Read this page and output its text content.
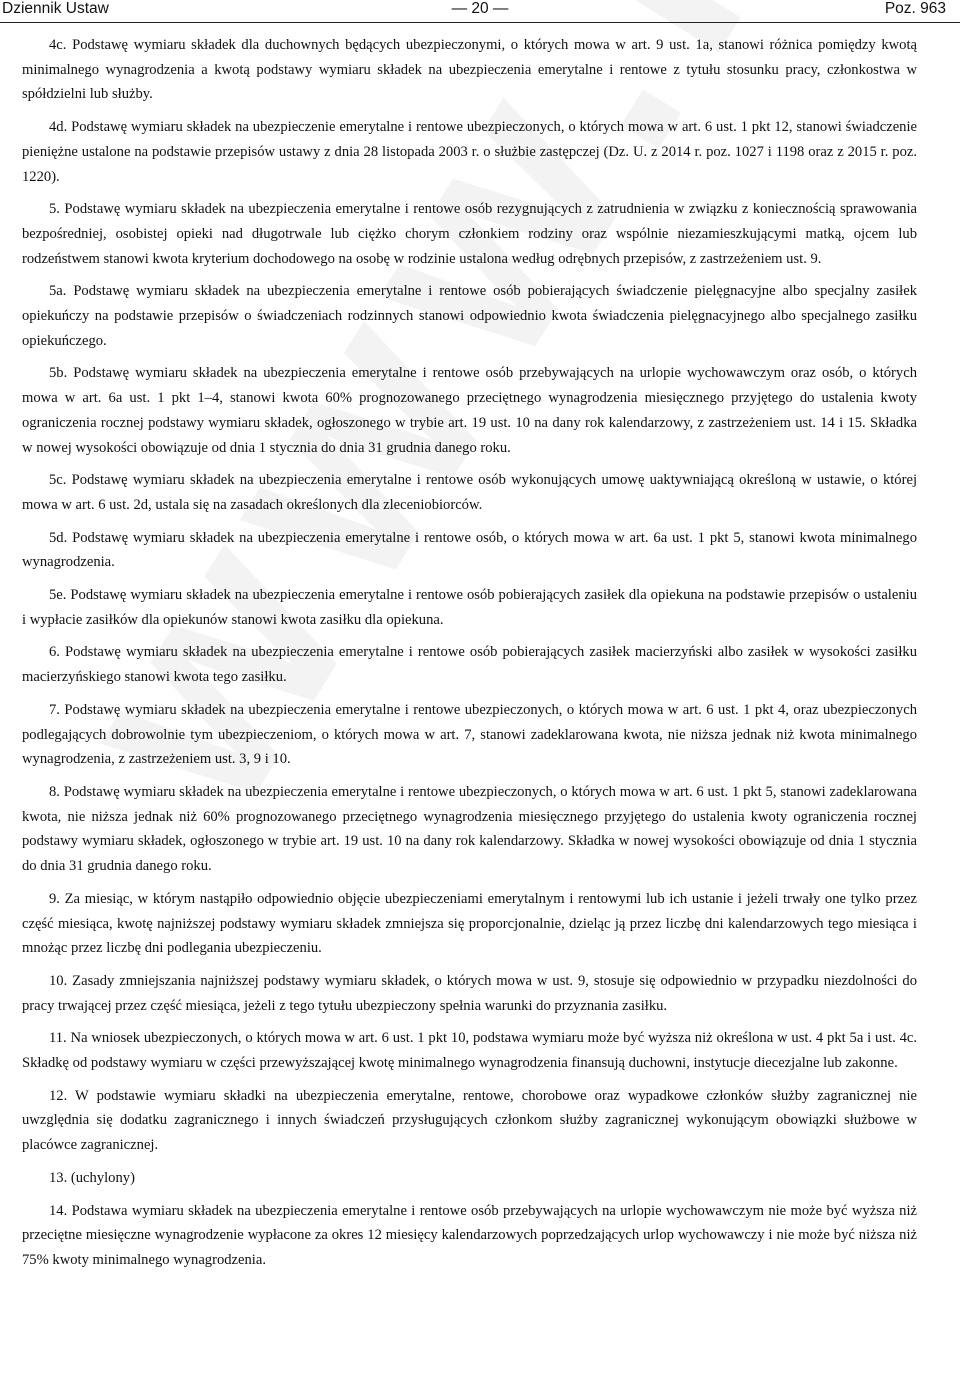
Dziennik Ustaw	— 20 —	Poz. 963

4c. Podstawę wymiaru składek dla duchownych będących ubezpieczonymi, o których mowa w art. 9 ust. 1a, stanowi różnica pomiędzy kwotą minimalnego wynagrodzenia a kwotą podstawy wymiaru składek na ubezpieczenia emerytalne i rentowe z tytułu stosunku pracy, członkostwa w spółdzielni lub służby.

4d. Podstawę wymiaru składek na ubezpieczenie emerytalne i rentowe ubezpieczonych, o których mowa w art. 6 ust. 1 pkt 12, stanowi świadczenie pieniężne ustalone na podstawie przepisów ustawy z dnia 28 listopada 2003 r. o służbie zastępczej (Dz. U. z 2014 r. poz. 1027 i 1198 oraz z 2015 r. poz. 1220).

5. Podstawę wymiaru składek na ubezpieczenia emerytalne i rentowe osób rezygnujących z zatrudnienia w związku z koniecznością sprawowania bezpośredniej, osobistej opieki nad długotrwale lub ciężko chorym członkiem rodziny oraz wspólnie niezamieszkującymi matką, ojcem lub rodzeństwem stanowi kwota kryterium dochodowego na osobę w rodzinie ustalona według odrębnych przepisów, z zastrzeżeniem ust. 9.

5a. Podstawę wymiaru składek na ubezpieczenia emerytalne i rentowe osób pobierających świadczenie pielęgnacyjne albo specjalny zasiłek opiekuńczy na podstawie przepisów o świadczeniach rodzinnych stanowi odpowiednio kwota świadczenia pielęgnacyjnego albo specjalnego zasiłku opiekuńczego.

5b. Podstawę wymiaru składek na ubezpieczenia emerytalne i rentowe osób przebywających na urlopie wychowawczym oraz osób, o których mowa w art. 6a ust. 1 pkt 1–4, stanowi kwota 60% prognozowanego przeciętnego wynagrodzenia miesięcznego przyjętego do ustalenia kwoty ograniczenia rocznej podstawy wymiaru składek, ogłoszonego w trybie art. 19 ust. 10 na dany rok kalendarzowy, z zastrzeżeniem ust. 14 i 15. Składka w nowej wysokości obowiązuje od dnia 1 stycznia do dnia 31 grudnia danego roku.

5c. Podstawę wymiaru składek na ubezpieczenia emerytalne i rentowe osób wykonujących umowę uaktywniającą określoną w ustawie, o której mowa w art. 6 ust. 2d, ustala się na zasadach określonych dla zleceniobiorców.

5d. Podstawę wymiaru składek na ubezpieczenia emerytalne i rentowe osób, o których mowa w art. 6a ust. 1 pkt 5, stanowi kwota minimalnego wynagrodzenia.

5e. Podstawę wymiaru składek na ubezpieczenia emerytalne i rentowe osób pobierających zasiłek dla opiekuna na podstawie przepisów o ustaleniu i wypłacie zasiłków dla opiekunów stanowi kwota zasiłku dla opiekuna.

6. Podstawę wymiaru składek na ubezpieczenia emerytalne i rentowe osób pobierających zasiłek macierzyński albo zasiłek w wysokości zasiłku macierzyńskiego stanowi kwota tego zasiłku.

7. Podstawę wymiaru składek na ubezpieczenia emerytalne i rentowe ubezpieczonych, o których mowa w art. 6 ust. 1 pkt 4, oraz ubezpieczonych podlegających dobrowolnie tym ubezpieczeniom, o których mowa w art. 7, stanowi zadeklarowana kwota, nie niższa jednak niż kwota minimalnego wynagrodzenia, z zastrzeżeniem ust. 3, 9 i 10.

8. Podstawę wymiaru składek na ubezpieczenia emerytalne i rentowe ubezpieczonych, o których mowa w art. 6 ust. 1 pkt 5, stanowi zadeklarowana kwota, nie niższa jednak niż 60% prognozowanego przeciętnego wynagrodzenia miesięcznego przyjętego do ustalenia kwoty ograniczenia rocznej podstawy wymiaru składek, ogłoszonego w trybie art. 19 ust. 10 na dany rok kalendarzowy. Składka w nowej wysokości obowiązuje od dnia 1 stycznia do dnia 31 grudnia danego roku.

9. Za miesiąc, w którym nastąpiło odpowiednio objęcie ubezpieczeniami emerytalnym i rentowymi lub ich ustanie i jeżeli trwały one tylko przez część miesiąca, kwotę najniższej podstawy wymiaru składek zmniejsza się proporcjonalnie, dzieląc ją przez liczbę dni kalendarzowych tego miesiąca i mnożąc przez liczbę dni podlegania ubezpieczeniu.

10. Zasady zmniejszania najniższej podstawy wymiaru składek, o których mowa w ust. 9, stosuje się odpowiednio w przypadku niezdolności do pracy trwającej przez część miesiąca, jeżeli z tego tytułu ubezpieczony spełnia warunki do przyznania zasiłku.

11. Na wniosek ubezpieczonych, o których mowa w art. 6 ust. 1 pkt 10, podstawa wymiaru może być wyższa niż określona w ust. 4 pkt 5a i ust. 4c. Składkę od podstawy wymiaru w części przewyższającej kwotę minimalnego wynagrodzenia finansują duchowni, instytucje diecezjalne lub zakonne.

12. W podstawie wymiaru składki na ubezpieczenia emerytalne, rentowe, chorobowe oraz wypadkowe członków służby zagranicznej nie uwzględnia się dodatku zagranicznego i innych świadczeń przysługujących członkom służby zagranicznej wykonującym obowiązki służbowe w placówce zagranicznej.

13. (uchylony)

14. Podstawa wymiaru składek na ubezpieczenia emerytalne i rentowe osób przebywających na urlopie wychowawczym nie może być wyższa niż przeciętne miesięczne wynagrodzenie wypłacone za okres 12 miesięcy kalendarzowych poprzedzających urlop wychowawczy i nie może być niższa niż 75% kwoty minimalnego wynagrodzenia.
